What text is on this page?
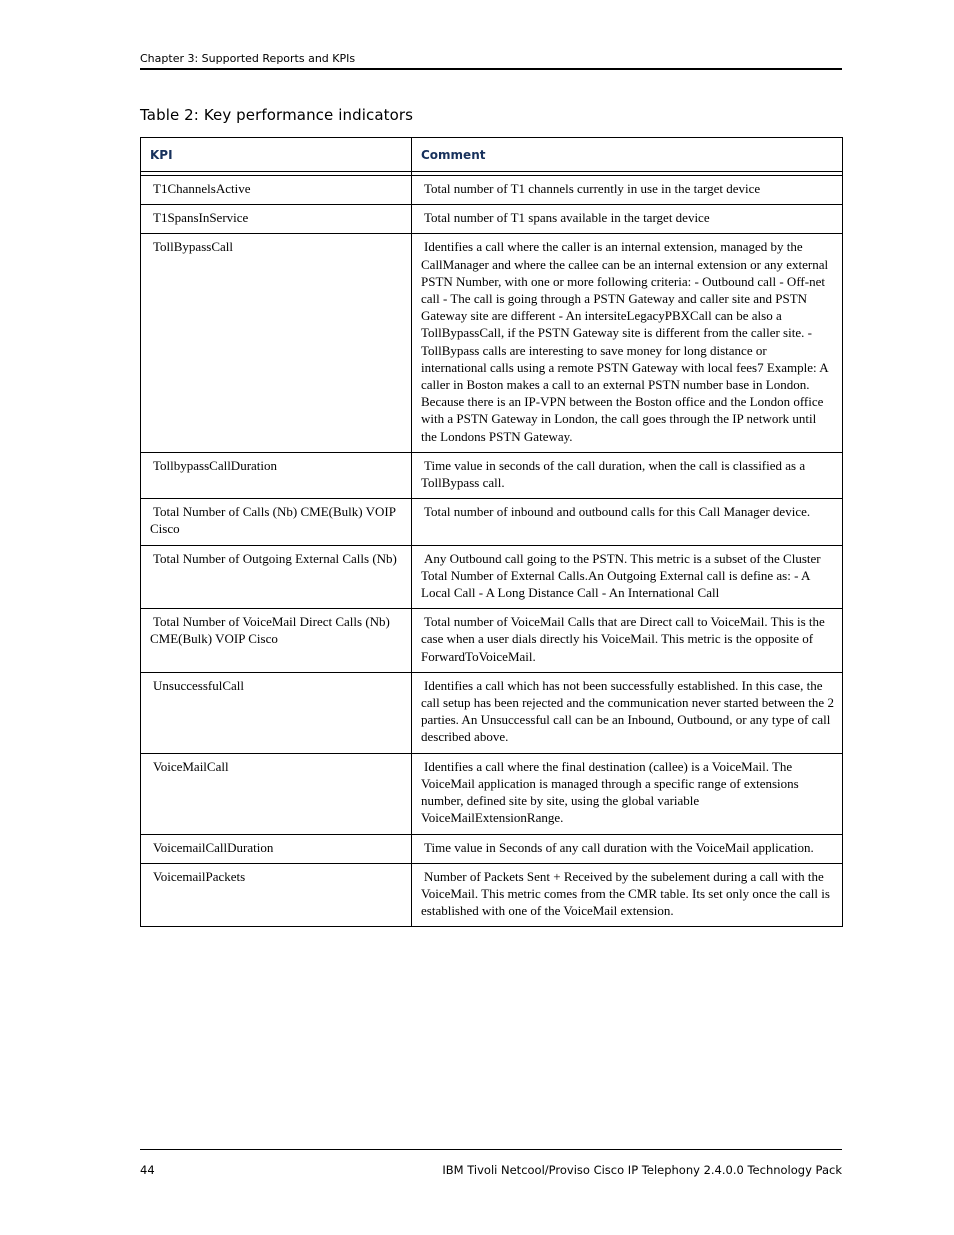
Chapter 3: Supported Reports and KPIs
Table 2: Key performance indicators
KPI	Comment

T1ChannelsActive	Total number of T1 channels currently in use in the target device
T1SpansInService	Total number of T1 spans available in the target device
TollBypassCall	Identifies a call where the caller is an internal extension, managed by the CallManager and where the callee can be an internal extension or any external PSTN Number, with one or more following criteria: - Outbound call - Off-net call - The call is going through a PSTN Gateway and caller site and PSTN Gateway site are different - An intersiteLegacyPBXCall can be also a TollBypassCall, if the PSTN Gateway site is different from the caller site. - TollBypass calls are interesting to save money for long distance or international calls using a remote PSTN Gateway with local fees7 Example: A caller in Boston makes a call to an external PSTN number base in London. Because there is an IP-VPN between the Boston office and the London office with a PSTN Gateway in London, the call goes through the IP network until the Londons PSTN Gateway.
TollbypassCallDuration	Time value in seconds of the call duration, when the call is classified as a TollBypass call.
Total Number of Calls (Nb) CME(Bulk) VOIP Cisco	Total number of inbound and outbound calls for this Call Manager device.
Total Number of Outgoing External Calls (Nb)	Any Outbound call going to the PSTN. This metric is a subset of the Cluster Total Number of External Calls.An Outgoing External call is define as: - A Local Call - A Long Distance Call - An International Call
Total Number of VoiceMail Direct Calls (Nb) CME(Bulk) VOIP Cisco	Total number of VoiceMail Calls that are Direct call to VoiceMail. This is the case when a user dials directly his VoiceMail. This metric is the opposite of ForwardToVoiceMail.
UnsuccessfulCall	Identifies a call which has not been successfully established. In this case, the call setup has been rejected and the communication never started between the 2 parties. An Unsuccessful call can be an Inbound, Outbound, or any type of call described above.
VoiceMailCall	Identifies a call where the final destination (callee) is a VoiceMail. The VoiceMail application is managed through a specific range of extensions number, defined site by site, using the global variable VoiceMailExtensionRange.
VoicemailCallDuration	Time value in Seconds of any call duration with the VoiceMail application.
VoicemailPackets	Number of Packets Sent + Received by the subelement during a call with the VoiceMail. This metric comes from the CMR table. Its set only once the call is established with one of the VoiceMail extension.
44	IBM Tivoli Netcool/Proviso Cisco IP Telephony 2.4.0.0 Technology Pack
